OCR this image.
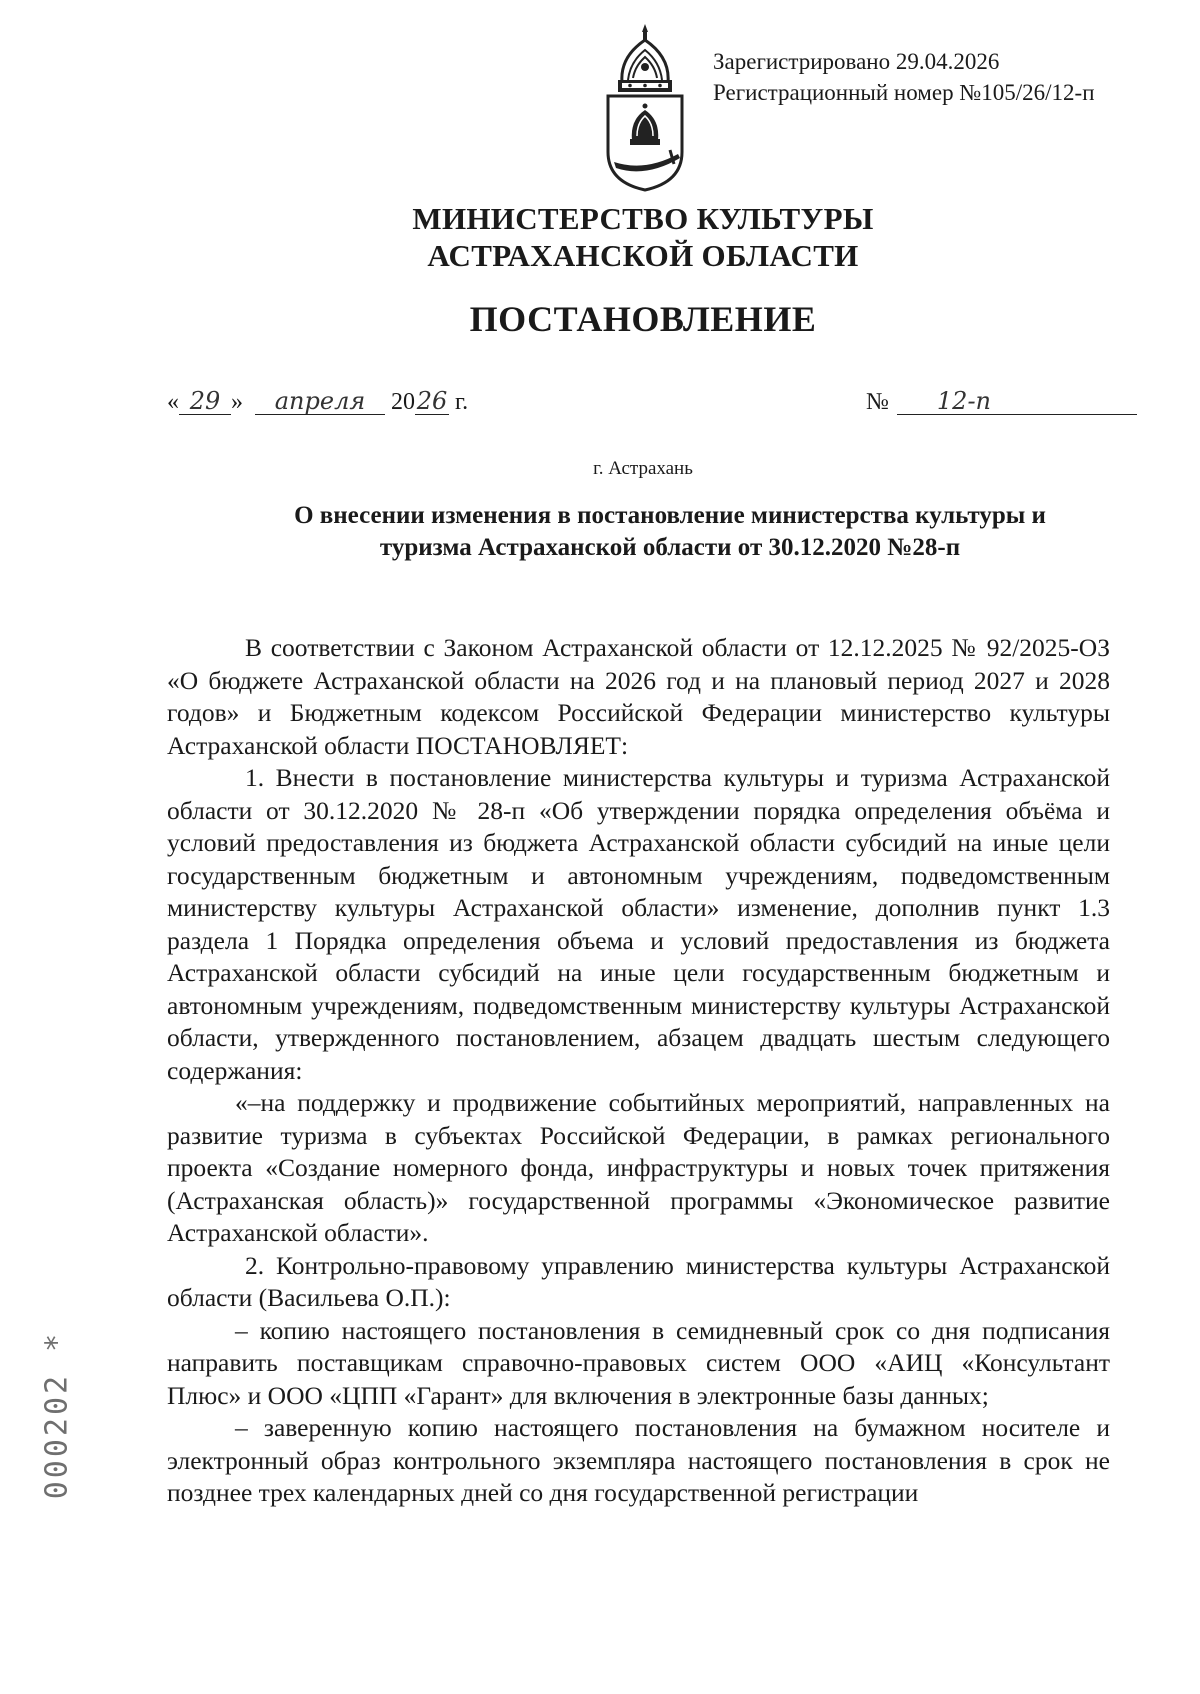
Зарегистрировано 29.04.2026
Регистрационный номер №105/26/12-п
МИНИСТЕРСТВО КУЛЬТУРЫ
АСТРАХАНСКОЙ ОБЛАСТИ
ПОСТАНОВЛЕНИЕ
« 29 » апреля 2026 г.	№ 12-п
г. Астрахань
О внесении изменения в постановление министерства культуры и
туризма Астраханской области от 30.12.2020 №28-п

В соответствии с Законом Астраханской области от 12.12.2025 № 92/2025-ОЗ «О бюджете Астраханской области на 2026 год и на плановый период 2027 и 2028 годов» и Бюджетным кодексом Российской Федерации министерство культуры Астраханской области ПОСТАНОВЛЯЕТ:

1. Внести в постановление министерства культуры и туризма Астраханской области от 30.12.2020 № 28-п «Об утверждении порядка определения объёма и условий предоставления из бюджета Астраханской области субсидий на иные цели государственным бюджетным и автономным учреждениям, подведомственным министерству культуры Астраханской области» изменение, дополнив пункт 1.3 раздела 1 Порядка определения объема и условий предоставления из бюджета Астраханской области субсидий на иные цели государственным бюджетным и автономным учреждениям, подведомственным министерству культуры Астраханской области, утвержденного постановлением, абзацем двадцать шестым следующего содержания:

«–на поддержку и продвижение событийных мероприятий, направленных на развитие туризма в субъектах Российской Федерации, в рамках регионального проекта «Создание номерного фонда, инфраструктуры и новых точек притяжения (Астраханская область)» государственной программы «Экономическое развитие Астраханской области».

2. Контрольно-правовому управлению министерства культуры Астраханской области (Васильева О.П.):

– копию настоящего постановления в семидневный срок со дня подписания направить поставщикам справочно-правовых систем ООО «АИЦ «Консультант Плюс» и ООО «ЦПП «Гарант» для включения в электронные базы данных;

– заверенную копию настоящего постановления на бумажном носителе и электронный образ контрольного экземпляра настоящего постановления в срок не позднее трех календарных дней со дня государственной регистрации

000202 *
